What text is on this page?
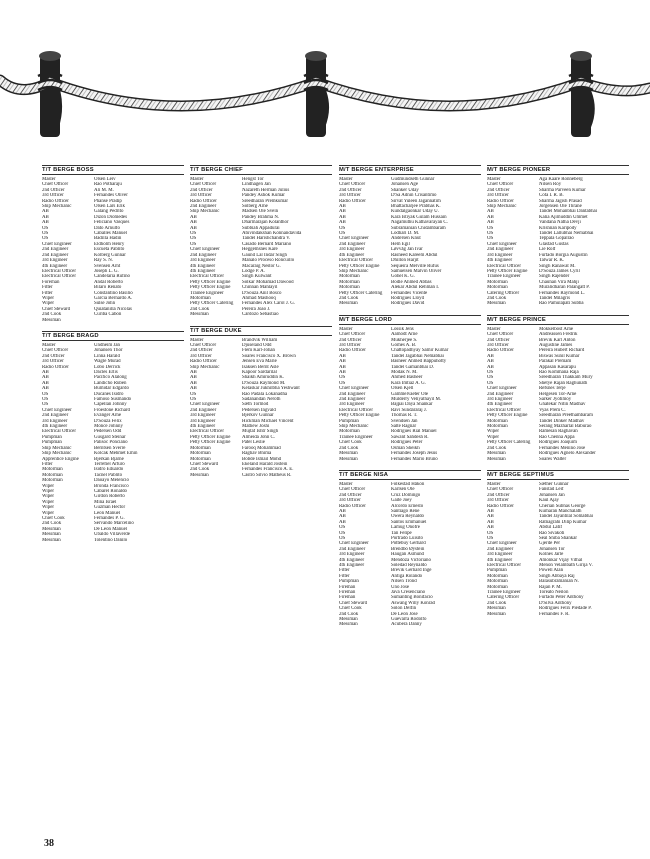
T/T BERGE BOSS
Master	Olsen Leiv
Chief Officer	Rao Potharaju
2nd Officer	Ali M. M.
3rd Officer	Fernandes Oliver
Radio Officer	Phanse Pradip
Ship Mechanic	Olsen Lars Erik
AB	Galang Pedrito
AB	Dizon Diomedes
AB	Feliciano Vasques
OS	Dato Arnulfo
OS	Caballes Manuel
OS	Badilla Hadin
Chief Engineer	Eldholm Henry
2nd Engineer	Escueta Pablito
2nd Engineer	Kolberg Gunnar
3rd Engineer	Ray S. N.
4th Engineer	Svensen Arnt
Electrical Officer	Joseph L. G.
Electrical Officer	Candelaria Rufino
Foreman	Andal Roberto
Fitter	Bilaro Renato
Fitter	Constantino Basilio
Wiper	Garcia Bernardo A.
Wiper	Sulse John
Chief Steward	Quiatanilla Nicolas
2nd Cook	Curiba Cabon
Messman
T/T BERGE BRAGD
Master	Undheim Jan
Chief Officer	Johansen Thor
2nd Officer	Linna Harald
3rd Officer	Wagle Murad
Radio Officer	Lobo Derrick
AB	Dacles Erlis
AB	Pacifico Alalong
AB	Landicho Ruben
AB	Bumidar Edgardo
OS	Ducanes Isidro
OS	Famoso Susmando
OS	Capellan Johnny
Chief Engineer	Froestone Richard
2nd Engineer	Evanger Arne
3rd Engineer	D'Souza Felix
4th Engineer	Monce Johnny
Electrical Officer	Pedersen Odd
Pumpman	Gusgard Steinar
Pumpman	Palisoc Ponciano
Ship Mechanic	Berntsen Sverre
Ship Mechanic	Kolcak Mehmet Emin
Apprentice Engine	Bjerkan Bjarne
Fitter	Terrefiel Arturo
Motorman	Isidro Eduardo
Motorman	Tacnel Pablito
Motorman	Daoayo Melencio
Wiper	Bronda Francisco
Wiper	Cabarel Ronaldo
Wiper	Girdon Roberto
Wiper	Mina Israel
Wiper	Guzman Hector
Wiper	Leon Manuel
Chief Cook	Fernandes P. G.
2nd Cook	Servando Marcelino
Messman	De Leon Manuel
Messman	Ubaldo Villaverde
Messman	Tolentino Danilo
T/T BERGE CHIEF
Master	Hengst Tor
Chief Officer	Lindhagen Jan
2nd Officer	Nazareth Herman Julius
3rd Officer	Pandey Ashok Kumar
Radio Officer	Sreedharan Premkumar
2nd Engineer	Solberg Arne
Ship Mechanic	Madsen Ole Svein
AB	Pandey Brahma N.
AB	Dharmarajan Kolanthor
AB	Subbiah Appadurai
OS	Atuvindakshan Konnandavida
OS	Tandel Harishchandra V.
OS	Casado Bernard Mariano
Chief Engineer	Heggemsnes Kare
2nd Engineer	Gaund Lal Indar Singh
3rd Engineer	Manalo Proceso Roncuillo
4th Engineer	Macaraig Nestor G.
4th Engineer	Lodge P. A.
Electrical Officer	Singh Kulwant
Petty Officer Engine	Solkar Mohamad Dawood
Petty Officer Engine	Chinnan Mahlayil
Trainee Engineer	D'Souza Anil Bosco
Motorman	Ahmad Mashooq
Petty Officer Catering	Fernandes Alex Carol J. G.
2nd Cook	Pereira Joao J.
Messman	Cardozo Sebastiao
T/T BERGE DUKE
Master	Brandvik William
Chief Officer	Djuseland Odd
2nd Officer	Flem Karl-Johan
3rd Officer	Soares Francisco X. Brown
Radio Officer	Jensen Eva Marie
Ship Mechanic	Isaksen Bernt Asle
AB	Kapoor Sardarilal
AB	Shaikh Amiruddin K.
AB	D'Souza Raymond M.
AB	Kelaskar Jukhilbha Yeshwant
OS	Rao Padala Lokanadha
OS	Sadanandan Neroth
Chief Engineer	Sæth Tormod
2nd Engineer	Pedersen Ingvald
3rd Engineer	Bjerkov Gunnar
3rd Engineer	Hickman Michael Vincent
4th Engineer	Mathew Joshi
Electrical Officer	Mujtaf Ishtr Singh
Petty Officer Engine	Almeida John C.
Petty Officer Engine	Patel Leslie
Motorman	Farooq Mohammad
Motorman	Raghav Bhima
Motorman	Bobde Ismail Mohd
Chief Steward	Ekeland Harald Jostein
2nd Cook	Fernandes Francisco A. E.
Messman	Castro Silvio Matheus R.
M/T BERGE ENTERPRISE
Master	Gudmundseth Gunnar
Chief Officer	Johansen Age
2nd Officer	Shanker Uday
3rd Officer	D'Sa Adnin Crisantimo
Radio Officer	Sirvat Yuleen Jagannatim
AB	Bhattacharjee Prabhas K.
AB	Kundalgaonkar Uday U.
AB	Kara Istiyak Gulam Hussain
AB	Nagamuthu Kathavarayan C.
OS	Subramanian Chidambaram
OS	Lodhari D. M.
Chief Engineer	Andersen Knut
2nd Engineer	Hem Egil
3rd Engineer	Løvvåg Jan Ivar
4th Engineer	Rasheed Kareem Abdul
Electrical Officer	Dhillon Harjit
Petty Officer Engine	Sequeira Melville Rufus
Ship Mechanic	Samuelsen Malvin Oliver
Motorman	Gohel K. G.
Motorman	Bodle Ahmed Abbas
Motorman	Alekar Abdul Rehman I.
Petty Officer Catering	Fernandes Vicente
2nd Cook	Rodrigues Lloyd
Messman	Rodrigues David
M/T BERGE LORD
Master	Lossik Jens
Chief Officer	Aamodt Arne
2nd Officer	Mukherjee S.
3rd Officer	Gomes A. B.
Radio Officer	Chattopadhyay Samir Kumar
AB	Tandel Jagabhai Nemabhai
AB	Basheer Ahmed Bappuhotty
AB	Tandel Gamanbhai D.
AB	Modak N. M.
OS	Ahmed Basheer
OS	Kara Imtiaz A. G.
Chief Engineer	Olsen Kjell
2nd Engineer	Gammelvaeter Ole
2nd Engineer	Mulderry Veliyathayil M.
3rd Engineer	Bajpai Daya Shankar
Electrical Officer	Ravi Sundararaj J.
Petty Officer Engine	Thomas R. T.
Pumpman	Svendsen Jan
Ship Mechanic	Salte Ragnar
Motorman	Rodrigues Rial Manuel
Trainee Engineer	Sawant Sahdesh R.
Chief Cook	Rodrigues Peter
2nd Cook	Osman Sheikh
Messman	Fernandes Joseph Jesus
Messman	Fernandes Mario Bruno
T/T BERGE NISA
Master	Folkestad Håkon
Chief Officer	Karlsen Ole
2nd Officer	Cruz Domingo
3rd Officer	Gaite Joey
Radio Officer	Alcordo Ernesto
AB	Santiago Rene
AB	Owera Reynaldo
AB	Santos Emmanuel
OS	Lamug Onofre
OS	Tan Felipe
OS	Portrado Luisito
Chief Engineer	Pottebuy Gerhard
2nd Engineer	Brendbo Øystein
3rd Engineer	Haugan Åsmund
4th Engineer	Mendoza Victoriano
4th Engineer	Soledad Reynaldo
Fitter	Brevik Gerhard Inge
Fitter	Antiga Rolando
Pumpman	Nilsen Trond
Fireman	Uno Jose
Fireman	Java Cresenciano
Fireman	Sumanting Bonifacio
Chief Steward	Aswang Willy Konrad
Chief Cook	Solon Delfin
2nd Cook	De Leon Jose
Messman	Guevarra Rodolfo
Messman	Acubera Danny
M/T BERGE PIONEER
Master	Aga Kaare Ronneberg
Chief Officer	Nilsen Roy
2nd Officer	Sharma Parveen Kumar
3rd Officer	Cota I. R. B.
Radio Officer	Sharma Jagish Prasad
Ship Mechanic	Jorgensen Ole Thrane
AB	Tandel Mohanbhai Dantabhai
AB	Kalia Ajimuddin Ummet
AB	Vandana Natha Devji
OS	Krishnan Karipody
OS	Tandel Lallubhai Nemabhai
OS	Teppala Gopalrao
Chief Engineer	Glastad Gustas
2nd Engineer	Lie Rolf
3rd Engineer	Furtado Borgia Augustin
4th Engineer	Talwar R. K.
Electrical Officer	Singh Ranawat M.
Petty Officer Engine	D'Souza James Cyril
Trainee Engineer	Singh Rajender
Motorman	Chauhan Vira Mahji
Motorman	Muralidharan Palangatt P.
Catering Officer	Fernandes Raymond L.
2nd Cook	Tandel Milagris
Messman	Rao Pamulapati Subba
M/T BERGE PRINCE
Master	Mokkelbost Arne
Chief Officer	Andreassen Fredrik
2nd Officer	Brevik Karl Anton
3rd Officer	Augustine James
Radio Officer	Pereira Hubert Richard
AB	Biswas Sunil Kumar
AB	Parakal Premam
AB	Appasan Kasarapu
OS	Rao Kommana Raja
OS	Sreedharan Thakkam Mury
OS	Shetye Rajan Raghunath
Chief Engineer	Refsnes Terje
2nd Engineer	Helgesen Tor-Arne
3rd Engineer	Sarker Jyotimoy
4th Engineer	Ghatekar Nitin Madhav
Electrical Officer	Vyas Prem C.
Petty Officer Engine	Sreedharan Preethambaram
Motorman	Tandel Dinker Madhav
Motorman	Serang Mazharlal Baburao
Wiper	Ramesan Raghavan
Wiper	Rao Chenna Appa
Petty Officer Catering	Rodrigues Joaquim
2nd Cook	Fernandes Menino Jose
Messman	Rodrigues Agnelo Alexander
Messman	Soares Walter
M/T BERGE SEPTIMUS
Master	Sæther Gunnar
Chief Officer	Fanstad Leif
2nd Officer	Johansen Jan
3rd Officer	Kaul Ajay
Radio Officer	Cherian Subhas George
AB	Kumaran Manchalath
AB	Tandel Jayantilal Somabhai
AB	Ratnagrahi Dilip Kumar
AB	Abdul Latif
OS	Rao Sivakoti
OS	Seal Shiba Shankar
Chief Engineer	Gjerde Per
2nd Engineer	Johansen Tor
3rd Engineer	Kolnes Jarle
4th Engineer	Amonkar Vijay Vithal
Electrical Officer	Menon Velambath Girija V.
Pumpman	Powell Alan
Motorman	Singh Abbaya Raj
Motorman	Balasubramanian N.
Motorman	Rajan P. M.
Trainee Engineer	Toreato Neilon
Catering Officer	Furtado Peter Anthony
2nd Cook	D'Silva Anthony
Messman	Rodrigues Felix Piedade P.
Messman	Fernandes F. R.
38
